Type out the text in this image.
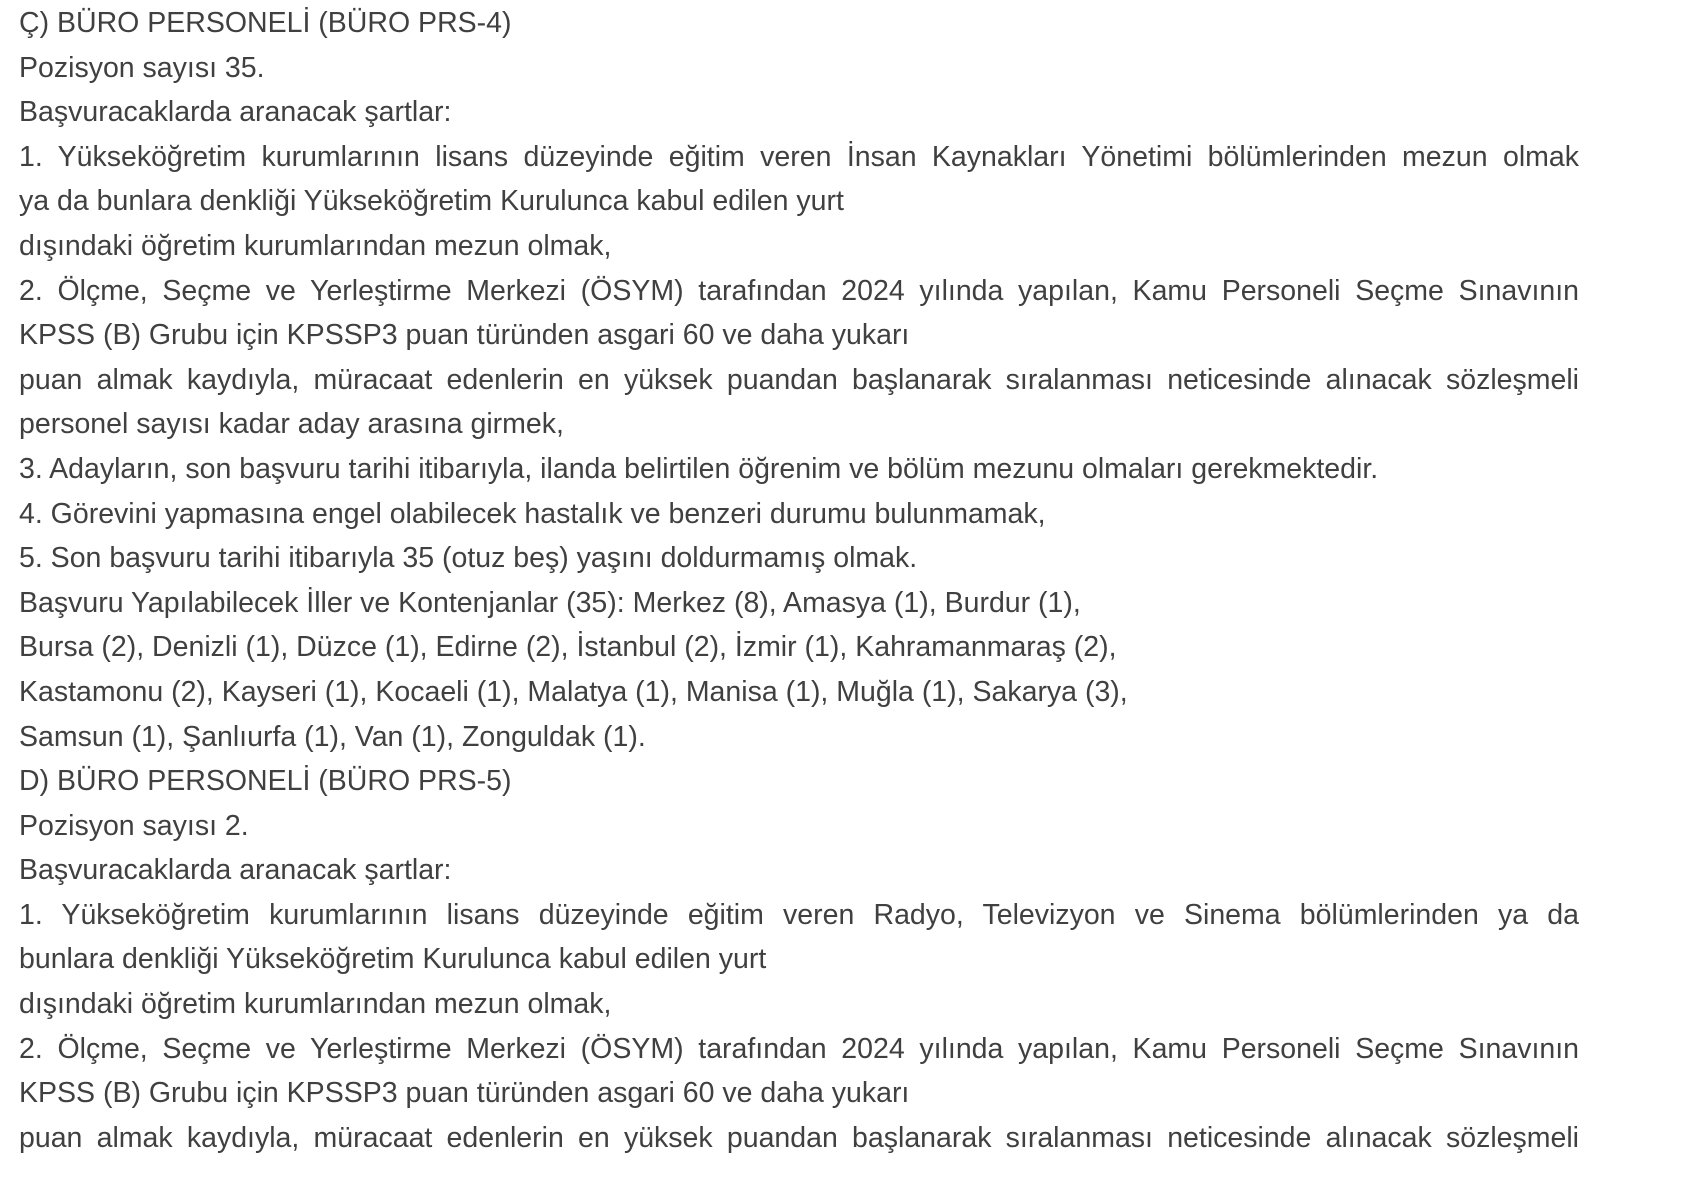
Ç) BÜRO PERSONELİ (BÜRO PRS-4)
Pozisyon sayısı 35.
Başvuracaklarda aranacak şartlar:
1. Yükseköğretim kurumlarının lisans düzeyinde eğitim veren İnsan Kaynakları Yönetimi bölümlerinden mezun olmak
ya da bunlara denkliği Yükseköğretim Kurulunca kabul edilen yurt
dışındaki öğretim kurumlarından mezun olmak,
2. Ölçme, Seçme ve Yerleştirme Merkezi (ÖSYM) tarafından 2024 yılında yapılan, Kamu Personeli Seçme Sınavının
KPSS (B) Grubu için KPSSP3 puan türünden asgari 60 ve daha yukarı
puan almak kaydıyla, müracaat edenlerin en yüksek puandan başlanarak sıralanması neticesinde alınacak sözleşmeli
personel sayısı kadar aday arasına girmek,
3. Adayların, son başvuru tarihi itibarıyla, ilanda belirtilen öğrenim ve bölüm mezunu olmaları gerekmektedir.
4. Görevini yapmasına engel olabilecek hastalık ve benzeri durumu bulunmamak,
5. Son başvuru tarihi itibarıyla 35 (otuz beş) yaşını doldurmamış olmak.
Başvuru Yapılabilecek İller ve Kontenjanlar (35): Merkez (8), Amasya (1), Burdur (1),
Bursa (2), Denizli (1), Düzce (1), Edirne (2), İstanbul (2), İzmir (1), Kahramanmaraş (2),
Kastamonu (2), Kayseri (1), Kocaeli (1), Malatya (1), Manisa (1), Muğla (1), Sakarya (3),
Samsun (1), Şanlıurfa (1), Van (1), Zonguldak (1).
D) BÜRO PERSONELİ (BÜRO PRS-5)
Pozisyon sayısı 2.
Başvuracaklarda aranacak şartlar:
1. Yükseköğretim kurumlarının lisans düzeyinde eğitim veren Radyo, Televizyon ve Sinema bölümlerinden ya da
bunlara denkliği Yükseköğretim Kurulunca kabul edilen yurt
dışındaki öğretim kurumlarından mezun olmak,
2. Ölçme, Seçme ve Yerleştirme Merkezi (ÖSYM) tarafından 2024 yılında yapılan, Kamu Personeli Seçme Sınavının
KPSS (B) Grubu için KPSSP3 puan türünden asgari 60 ve daha yukarı
puan almak kaydıyla, müracaat edenlerin en yüksek puandan başlanarak sıralanması neticesinde alınacak sözleşmeli
